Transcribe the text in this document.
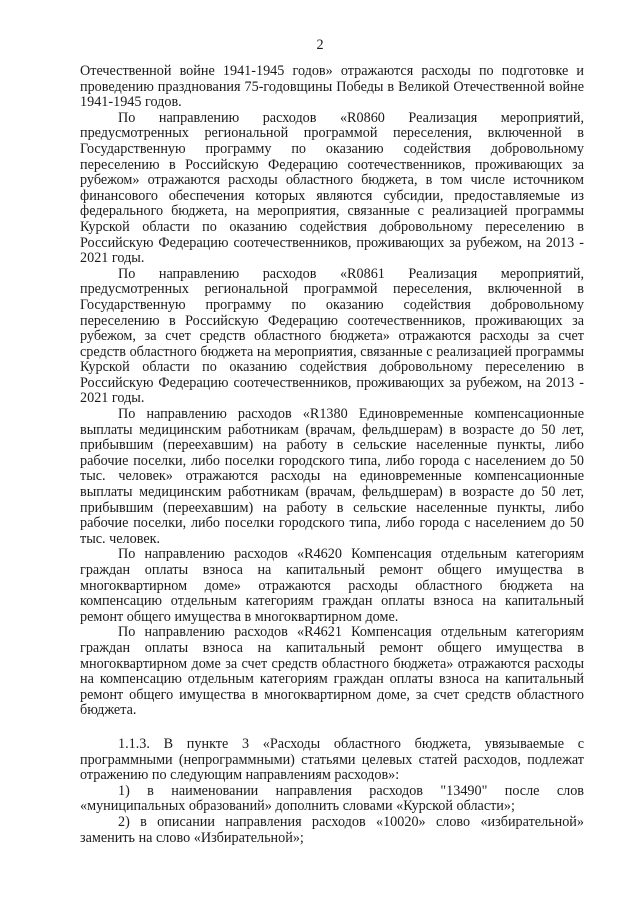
2

Отечественной войне 1941-1945 годов» отражаются расходы по подготовке и проведению празднования 75-годовщины Победы в Великой Отечественной войне 1941-1945 годов.

По направлению расходов «R0860 Реализация мероприятий, предусмотренных региональной программой переселения, включенной в Государственную программу по оказанию содействия добровольному переселению в Российскую Федерацию соотечественников, проживающих за рубежом» отражаются расходы областного бюджета, в том числе источником финансового обеспечения которых являются субсидии, предоставляемые из федерального бюджета, на мероприятия, связанные с реализацией программы Курской области по оказанию содействия добровольному переселению в Российскую Федерацию соотечественников, проживающих за рубежом, на 2013 - 2021 годы.

По направлению расходов «R0861 Реализация мероприятий, предусмотренных региональной программой переселения, включенной в Государственную программу по оказанию содействия добровольному переселению в Российскую Федерацию соотечественников, проживающих за рубежом, за счет средств областного бюджета» отражаются расходы за счет средств областного бюджета на мероприятия, связанные с реализацией программы Курской области по оказанию содействия добровольному переселению в Российскую Федерацию соотечественников, проживающих за рубежом, на 2013 - 2021 годы.

По направлению расходов «R1380 Единовременные компенсационные выплаты медицинским работникам (врачам, фельдшерам) в возрасте до 50 лет, прибывшим (переехавшим) на работу в сельские населенные пункты, либо рабочие поселки, либо поселки городского типа, либо города с населением до 50 тыс. человек» отражаются расходы на единовременные компенсационные выплаты медицинским работникам (врачам, фельдшерам) в возрасте до 50 лет, прибывшим (переехавшим) на работу в сельские населенные пункты, либо рабочие поселки, либо поселки городского типа, либо города с населением до 50 тыс. человек.

По направлению расходов «R4620 Компенсация отдельным категориям граждан оплаты взноса на капитальный ремонт общего имущества в многоквартирном доме» отражаются расходы областного бюджета на компенсацию отдельным категориям граждан оплаты взноса на капитальный ремонт общего имущества в многоквартирном доме.

По направлению расходов «R4621 Компенсация отдельным категориям граждан оплаты взноса на капитальный ремонт общего имущества в многоквартирном доме за счет средств областного бюджета» отражаются расходы на компенсацию отдельным категориям граждан оплаты взноса на капитальный ремонт общего имущества в многоквартирном доме, за счет средств областного бюджета.

1.1.3. В пункте 3 «Расходы областного бюджета, увязываемые с программными (непрограммными) статьями целевых статей расходов, подлежат отражению по следующим направлениям расходов»:

1) в наименовании направления расходов "13490" после слов «муниципальных образований» дополнить словами «Курской области»;

2) в описании направления расходов «10020» слово «избирательной» заменить на слово «Избирательной»;
